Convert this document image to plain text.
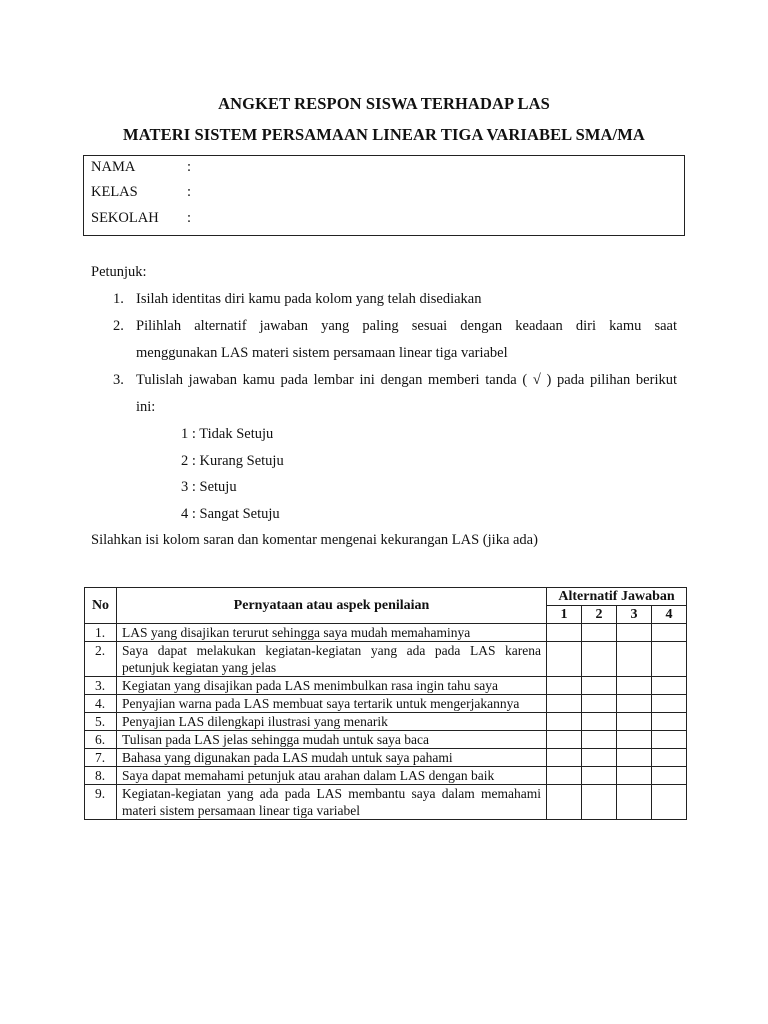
ANGKET RESPON SISWA TERHADAP LAS
MATERI SISTEM PERSAMAAN LINEAR TIGA VARIABEL SMA/MA
NAMA	:
KELAS	:
SEKOLAH :
Petunjuk:
1. Isilah identitas diri kamu pada kolom yang telah disediakan
2. Pilihlah alternatif jawaban yang paling sesuai dengan keadaan diri kamu saat
menggunakan LAS materi sistem persamaan linear tiga variabel
3. Tulislah jawaban kamu pada lembar ini dengan memberi tanda ( √ ) pada pilihan berikut
ini:
1 : Tidak Setuju
2 : Kurang Setuju
3 : Setuju
4 : Sangat Setuju
Silahkan isi kolom saran dan komentar mengenai kekurangan LAS (jika ada)
No	Pernyataan atau aspek penilaian	Alternatif Jawaban			
		1	2	3	4
1.	LAS yang disajikan terurut sehingga saya mudah memahaminya				
2.	Saya dapat melakukan kegiatan-kegiatan yang ada pada LAS karena petunjuk kegiatan yang jelas				
3.	Kegiatan yang disajikan pada LAS menimbulkan rasa ingin tahu saya				
4.	Penyajian warna pada LAS membuat saya tertarik untuk mengerjakannya				
5.	Penyajian LAS dilengkapi ilustrasi yang menarik				
6.	Tulisan pada LAS jelas sehingga mudah untuk saya baca				
7.	Bahasa yang digunakan pada LAS mudah untuk saya pahami				
8.	Saya dapat memahami petunjuk atau arahan dalam LAS dengan baik				
9.	Kegiatan-kegiatan yang ada pada LAS membantu saya dalam memahami materi sistem persamaan linear tiga variabel				
